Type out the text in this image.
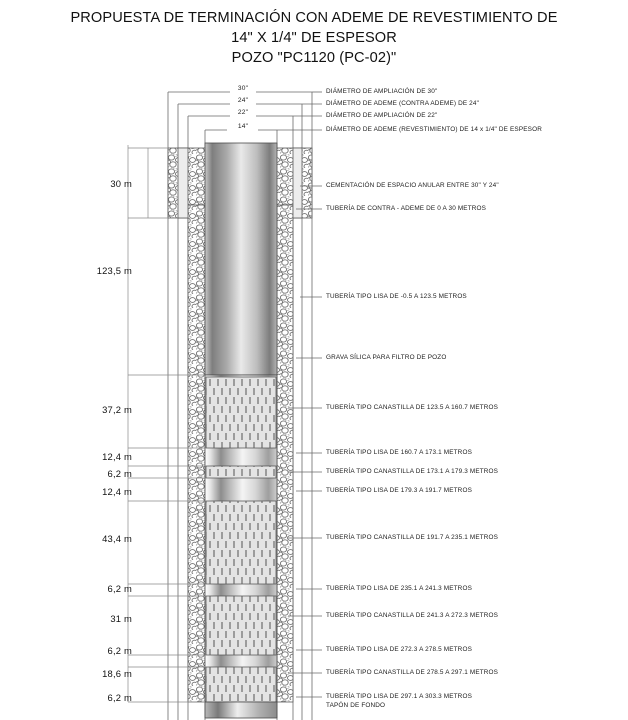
PROPUESTA DE TERMINACIÓN CON ADEME DE REVESTIMIENTO DE
14" X 1/4" DE ESPESOR
POZO "PC1120 (PC-02)"
30"
24"
22"
14"
DIÁMETRO DE AMPLIACIÓN DE 30"
DIÁMETRO DE ADEME (CONTRA ADEME) DE 24"
DIÁMETRO DE AMPLIACIÓN DE 22"
DIÁMETRO DE ADEME (REVESTIMIENTO) DE 14 x 1/4" DE ESPESOR
CEMENTACIÓN DE ESPACIO ANULAR ENTRE 30" Y 24"
TUBERÍA DE CONTRA - ADEME DE 0 A 30 METROS
TUBERÍA TIPO LISA DE -0.5 A 123.5 METROS
GRAVA SÍLICA PARA FILTRO DE POZO
TUBERÍA TIPO CANASTILLA DE 123.5 A 160.7 METROS
TUBERÍA TIPO LISA DE 160.7 A 173.1 METROS
TUBERÍA TIPO CANASTILLA DE 173.1 A 179.3 METROS
TUBERÍA TIPO LISA DE 179.3 A 191.7 METROS
TUBERÍA TIPO CANASTILLA DE 191.7 A 235.1 METROS
TUBERÍA TIPO LISA DE 235.1 A 241.3 METROS
TUBERÍA TIPO CANASTILLA DE 241.3 A 272.3 METROS
TUBERÍA TIPO LISA DE 272.3 A 278.5 METROS
TUBERÍA TIPO CANASTILLA DE 278.5 A 297.1 METROS
TUBERÍA TIPO LISA DE 297.1 A 303.3 METROS
TAPÓN DE FONDO
30 m
123,5 m
37,2 m
12,4 m
6,2 m
12,4 m
43,4 m
6,2 m
31 m
6,2 m
18,6 m
6,2 m
